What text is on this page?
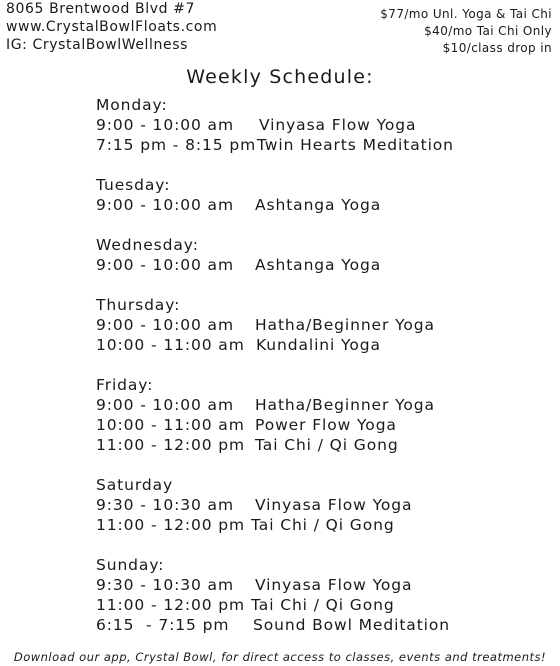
8065 Brentwood Blvd #7
www.CrystalBowlFloats.com
IG: CrystalBowlWellness
$77/mo Unl. Yoga & Tai Chi
$40/mo Tai Chi Only
$10/class drop in
Weekly Schedule:
Monday:
9:00 - 10:00 am Vinyasa Flow Yoga
7:15 pm - 8:15 pm Twin Hearts Meditation
Tuesday:
9:00 - 10:00 am Ashtanga Yoga
Wednesday:
9:00 - 10:00 am Ashtanga Yoga
Thursday:
9:00 - 10:00 am Hatha/Beginner Yoga
10:00 - 11:00 am Kundalini Yoga
Friday:
9:00 - 10:00 am Hatha/Beginner Yoga
10:00 - 11:00 am Power Flow Yoga
11:00 - 12:00 pm Tai Chi / Qi Gong
Saturday
9:30 - 10:30 am Vinyasa Flow Yoga
11:00 - 12:00 pm Tai Chi / Qi Gong
Sunday:
9:30 - 10:30 am Vinyasa Flow Yoga
11:00 - 12:00 pm Tai Chi / Qi Gong
6:15  - 7:15 pm Sound Bowl Meditation
Download our app, Crystal Bowl, for direct access to classes, events and treatments!
